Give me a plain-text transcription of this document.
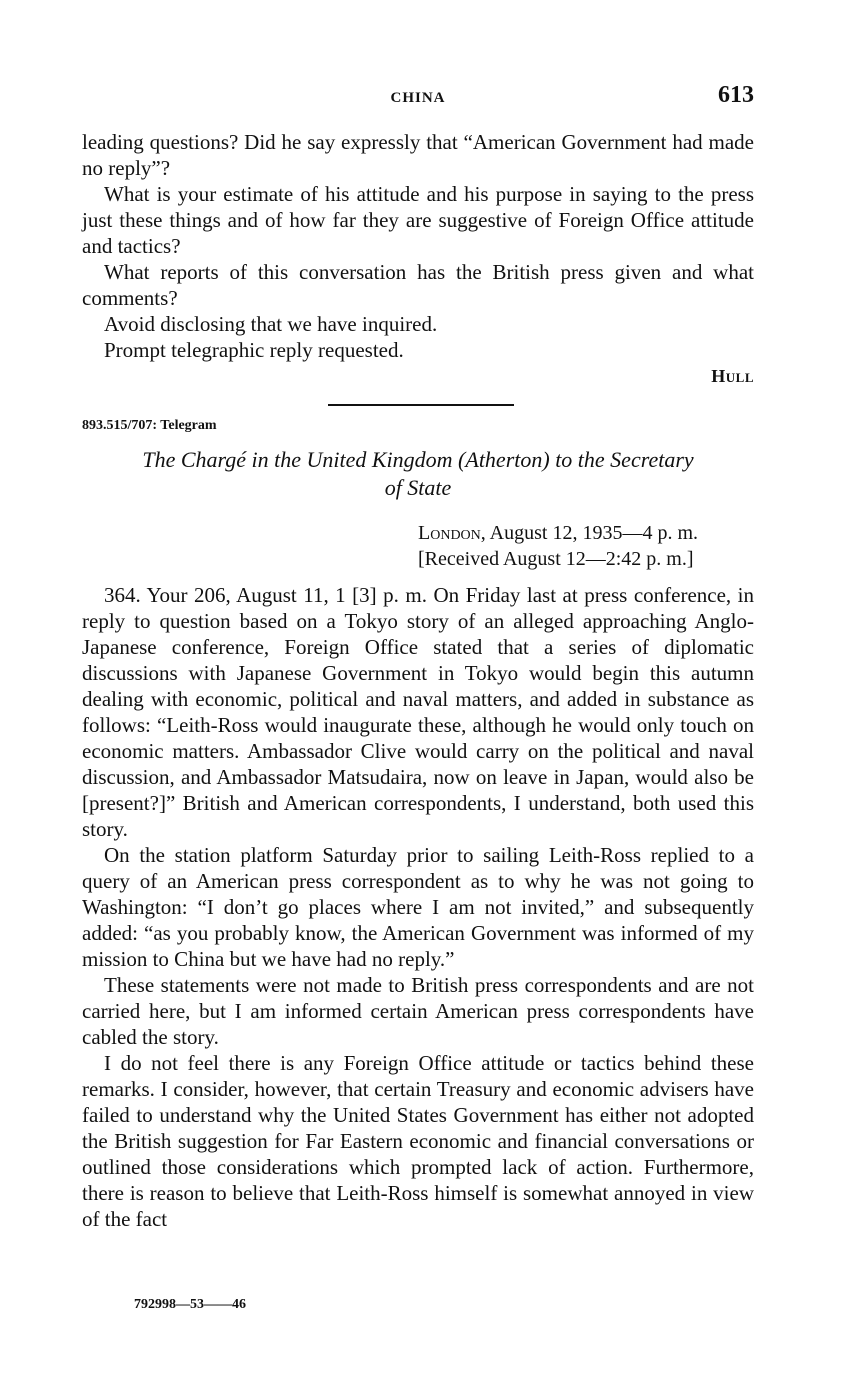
CHINA	613

leading questions? Did he say expressly that “American Government had made no reply”?

What is your estimate of his attitude and his purpose in saying to the press just these things and of how far they are suggestive of Foreign Office attitude and tactics?

What reports of this conversation has the British press given and what comments?

Avoid disclosing that we have inquired.

Prompt telegraphic reply requested.

Hull
893.515/707: Telegram
The Chargé in the United Kingdom (Atherton) to the Secretary
of State
London, August 12, 1935—4 p. m.
[Received August 12—2:42 p. m.]

364. Your 206, August 11, 1 [3] p. m. On Friday last at press conference, in reply to question based on a Tokyo story of an alleged approaching Anglo-Japanese conference, Foreign Office stated that a series of diplomatic discussions with Japanese Government in Tokyo would begin this autumn dealing with economic, political and naval matters, and added in substance as follows: “Leith-Ross would inaugurate these, although he would only touch on economic matters. Ambassador Clive would carry on the political and naval discussion, and Ambassador Matsudaira, now on leave in Japan, would also be [present?]” British and American correspondents, I understand, both used this story.

On the station platform Saturday prior to sailing Leith-Ross replied to a query of an American press correspondent as to why he was not going to Washington: “I don’t go places where I am not invited,” and subsequently added: “as you probably know, the American Government was informed of my mission to China but we have had no reply.”

These statements were not made to British press correspondents and are not carried here, but I am informed certain American press correspondents have cabled the story.

I do not feel there is any Foreign Office attitude or tactics behind these remarks. I consider, however, that certain Treasury and economic advisers have failed to understand why the United States Government has either not adopted the British suggestion for Far Eastern economic and financial conversations or outlined those considerations which prompted lack of action. Furthermore, there is reason to believe that Leith-Ross himself is somewhat annoyed in view of the fact

792998—53——46
